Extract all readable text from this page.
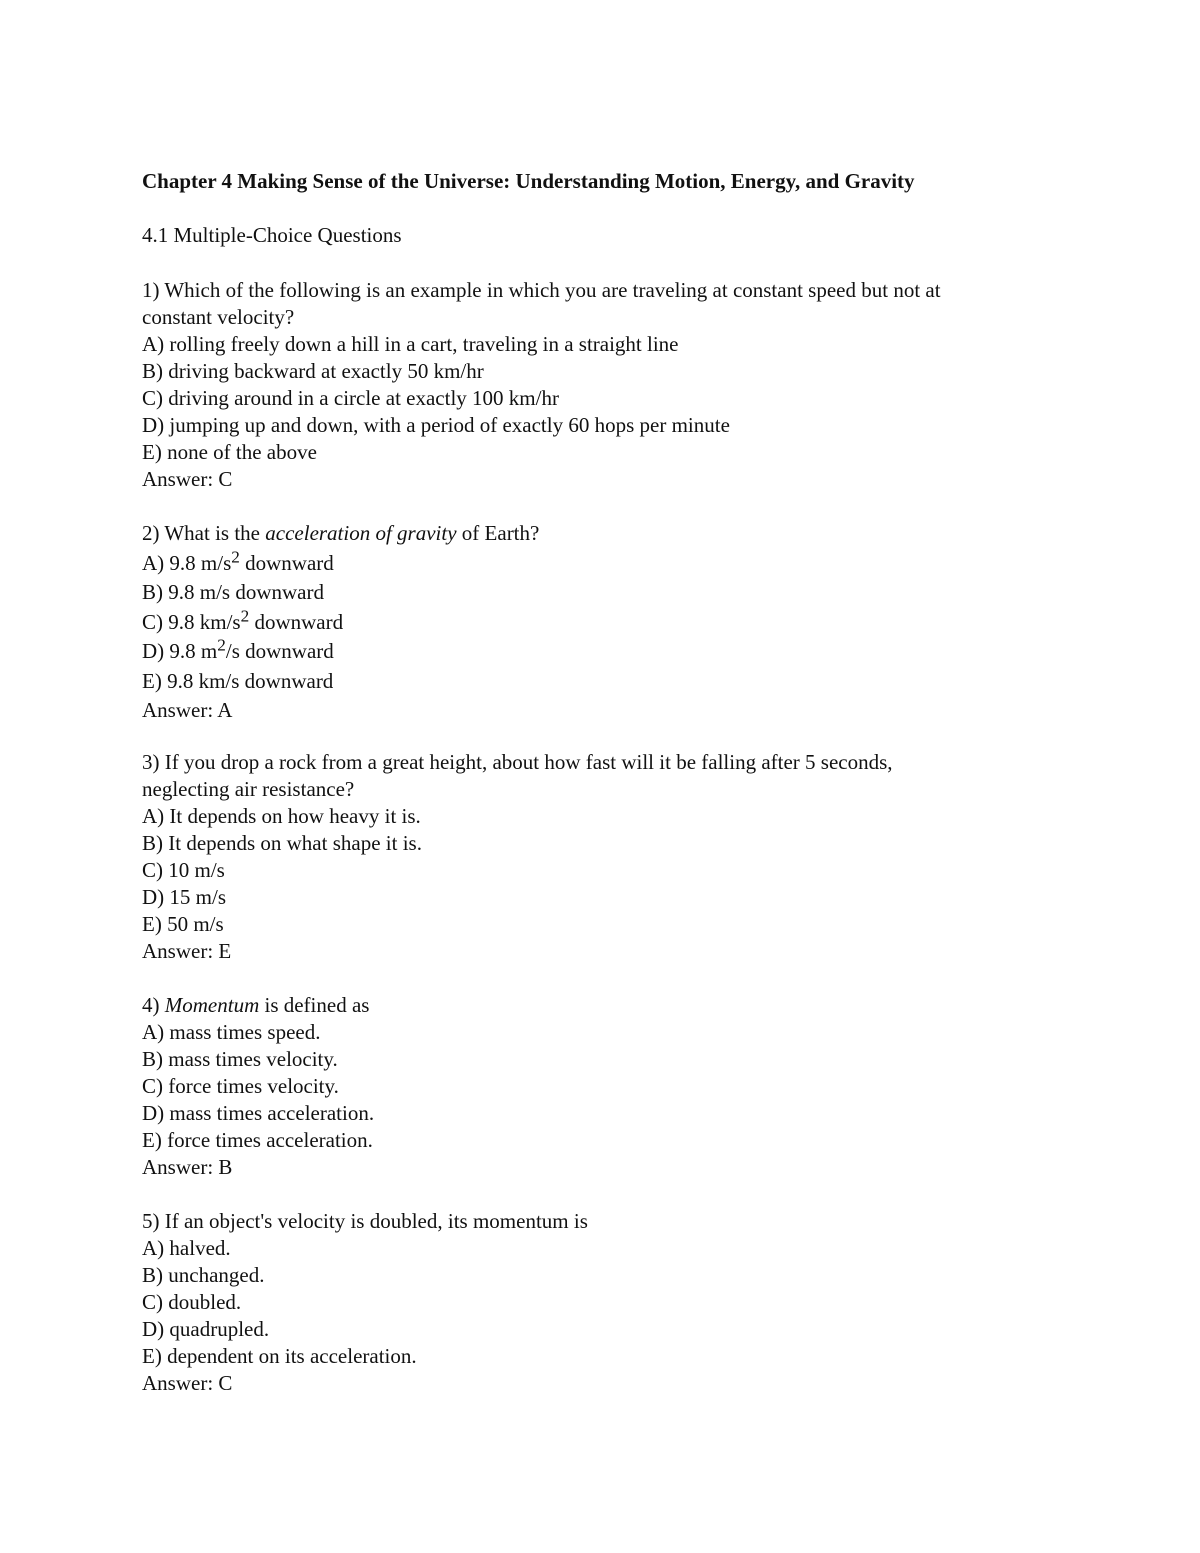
Chapter 4 Making Sense of the Universe: Understanding Motion, Energy, and Gravity
4.1 Multiple-Choice Questions
1) Which of the following is an example in which you are traveling at constant speed but not at
constant velocity?
A) rolling freely down a hill in a cart, traveling in a straight line
B) driving backward at exactly 50 km/hr
C) driving around in a circle at exactly 100 km/hr
D) jumping up and down, with a period of exactly 60 hops per minute
E) none of the above
Answer: C
2) What is the acceleration of gravity of Earth?
A) 9.8 $m/s^2$ downward
B) 9.8 m/s downward
C) 9.8 $km/s^2$ downward
D) 9.8 $m^2/s$ downward
E) 9.8 km/s downward
Answer: A
3) If you drop a rock from a great height, about how fast will it be falling after 5 seconds,
neglecting air resistance?
A) It depends on how heavy it is.
B) It depends on what shape it is.
C) 10 m/s
D) 15 m/s
E) 50 m/s
Answer: E
4) Momentum is defined as
A) mass times speed.
B) mass times velocity.
C) force times velocity.
D) mass times acceleration.
E) force times acceleration.
Answer: B
5) If an object's velocity is doubled, its momentum is
A) halved.
B) unchanged.
C) doubled.
D) quadrupled.
E) dependent on its acceleration.
Answer: C
